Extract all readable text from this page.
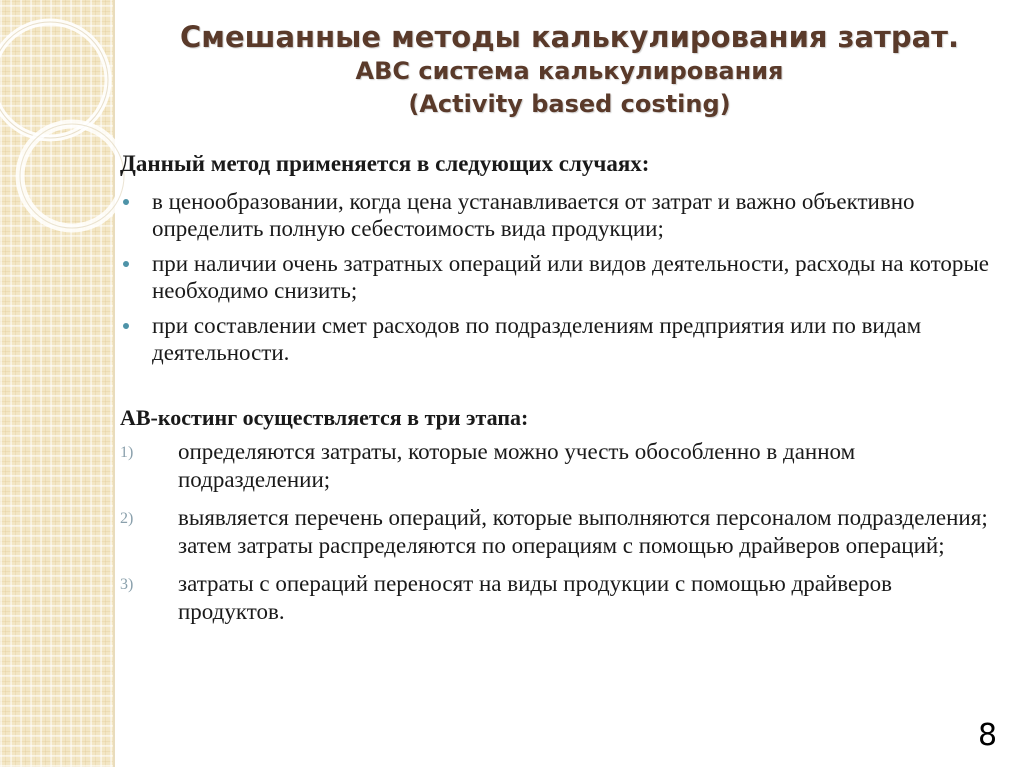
Смешанные методы калькулирования затрат.
ABC система калькулирования
(Activity based costing)

Данный метод применяется в следующих случаях:

в ценообразовании, когда цена устанавливается от затрат и важно объективно определить полную себестоимость вида продукции;
при наличии очень затратных операций или видов деятельности, расходы на которые необходимо снизить;
при составлении смет расходов по подразделениям предприятия или по видам деятельности.

АВ-костинг осуществляется в три этапа:

1) определяются затраты, которые можно учесть обособленно в данном подразделении;
2) выявляется перечень операций, которые выполняются персоналом подразделения; затем затраты распределяются по операциям с помощью драйверов операций;
3) затраты с операций переносят на виды продукции с помощью драйверов продуктов.
8
